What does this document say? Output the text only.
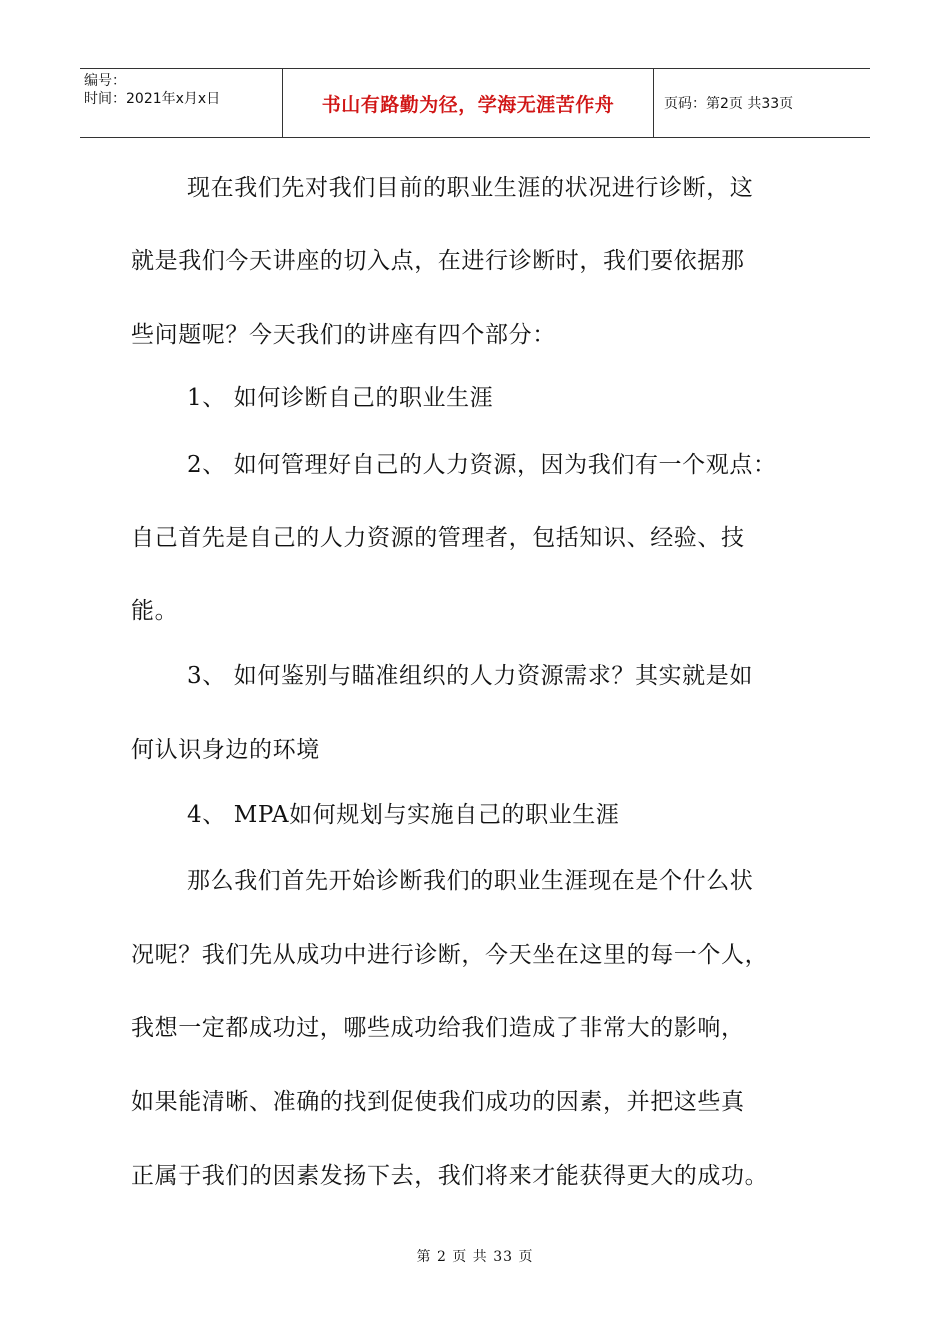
编号：
时间：2021年x月x日	书山有路勤为径，学海无涯苦作舟	页码：第2页 共33页
现在我们先对我们目前的职业生涯的状况进行诊断，这
就是我们今天讲座的切入点，在进行诊断时，我们要依据那
些问题呢？今天我们的讲座有四个部分：
1、 如何诊断自己的职业生涯
2、 如何管理好自己的人力资源，因为我们有一个观点：
自己首先是自己的人力资源的管理者，包括知识、经验、技
能。
3、 如何鉴别与瞄准组织的人力资源需求？其实就是如
何认识身边的环境
4、 MPA如何规划与实施自己的职业生涯
那么我们首先开始诊断我们的职业生涯现在是个什么状
况呢？我们先从成功中进行诊断，今天坐在这里的每一个人，
我想一定都成功过，哪些成功给我们造成了非常大的影响，
如果能清晰、准确的找到促使我们成功的因素，并把这些真
正属于我们的因素发扬下去，我们将来才能获得更大的成功。
第 2 页 共 33 页
